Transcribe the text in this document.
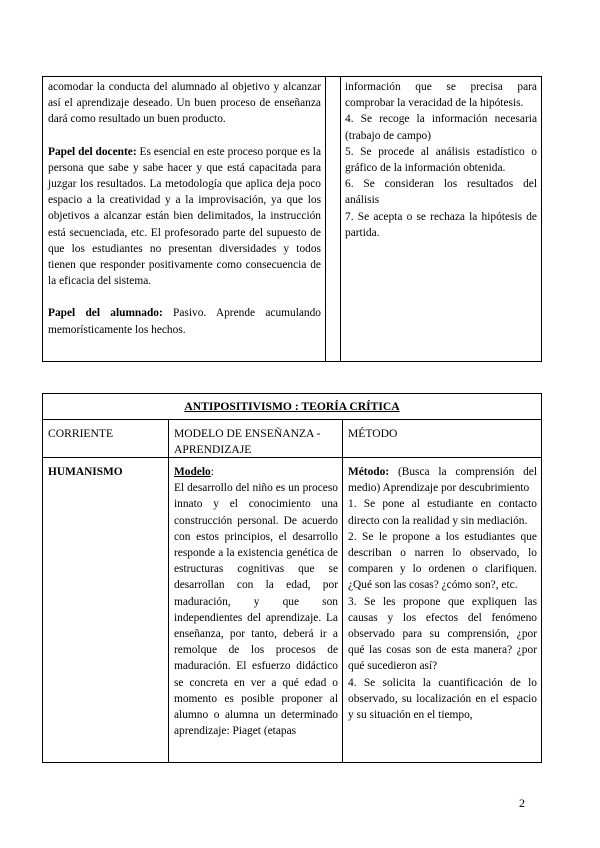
acomodar la conducta del alumnado al objetivo y alcanzar así el aprendizaje deseado. Un buen proceso de enseñanza dará como resultado un buen producto.

Papel del docente: Es esencial en este proceso porque es la persona que sabe y sabe hacer y que está capacitada para juzgar los resultados. La metodología que aplica deja poco espacio a la creatividad y a la improvisación, ya que los objetivos a alcanzar están bien delimitados, la instrucción está secuenciada, etc. El profesorado parte del supuesto de que los estudiantes no presentan diversidades y todos tienen que responder positivamente como consecuencia de la eficacia del sistema.

Papel del alumnado: Pasivo. Aprende acumulando memorísticamente los hechos.

información que se precisa para comprobar la veracidad de la hipótesis.

4. Se recoge la información necesaria (trabajo de campo)

5. Se procede al análisis estadístico o gráfico de la información obtenida.

6. Se consideran los resultados del análisis

7. Se acepta o se rechaza la hipótesis de partida.

ANTIPOSITIVISMO : TEORÍA CRÍTICA
CORRIENTE	MODELO DE ENSEÑANZA - APRENDIZAJE
MÉTODO

HUMANISMO	Modelo:

El desarrollo del niño es un proceso innato y el conocimiento una construcción personal. De acuerdo con estos principios, el desarrollo responde a la existencia genética de estructuras cognitivas que se desarrollan con la edad, por maduración, y que son independientes del aprendizaje. La enseñanza, por tanto, deberá ir a remolque de los procesos de maduración. El esfuerzo didáctico se concreta en ver a qué edad o momento es posible proponer al alumno o alumna un determinado aprendizaje: Piaget (etapas

Método: (Busca la comprensión del medio) Aprendizaje por descubrimiento

1. Se pone al estudiante en contacto directo con la realidad y sin mediación.

2. Se le propone a los estudiantes que describan o narren lo observado, lo comparen y lo ordenen o clarifiquen. ¿Qué son las cosas? ¿cómo son?, etc.

3. Se les propone que expliquen las causas y los efectos del fenómeno observado para su comprensión, ¿por qué las cosas son de esta manera? ¿por qué sucedieron así?

4. Se solicita la cuantificación de lo observado, su localización en el espacio y su situación en el tiempo,

2
